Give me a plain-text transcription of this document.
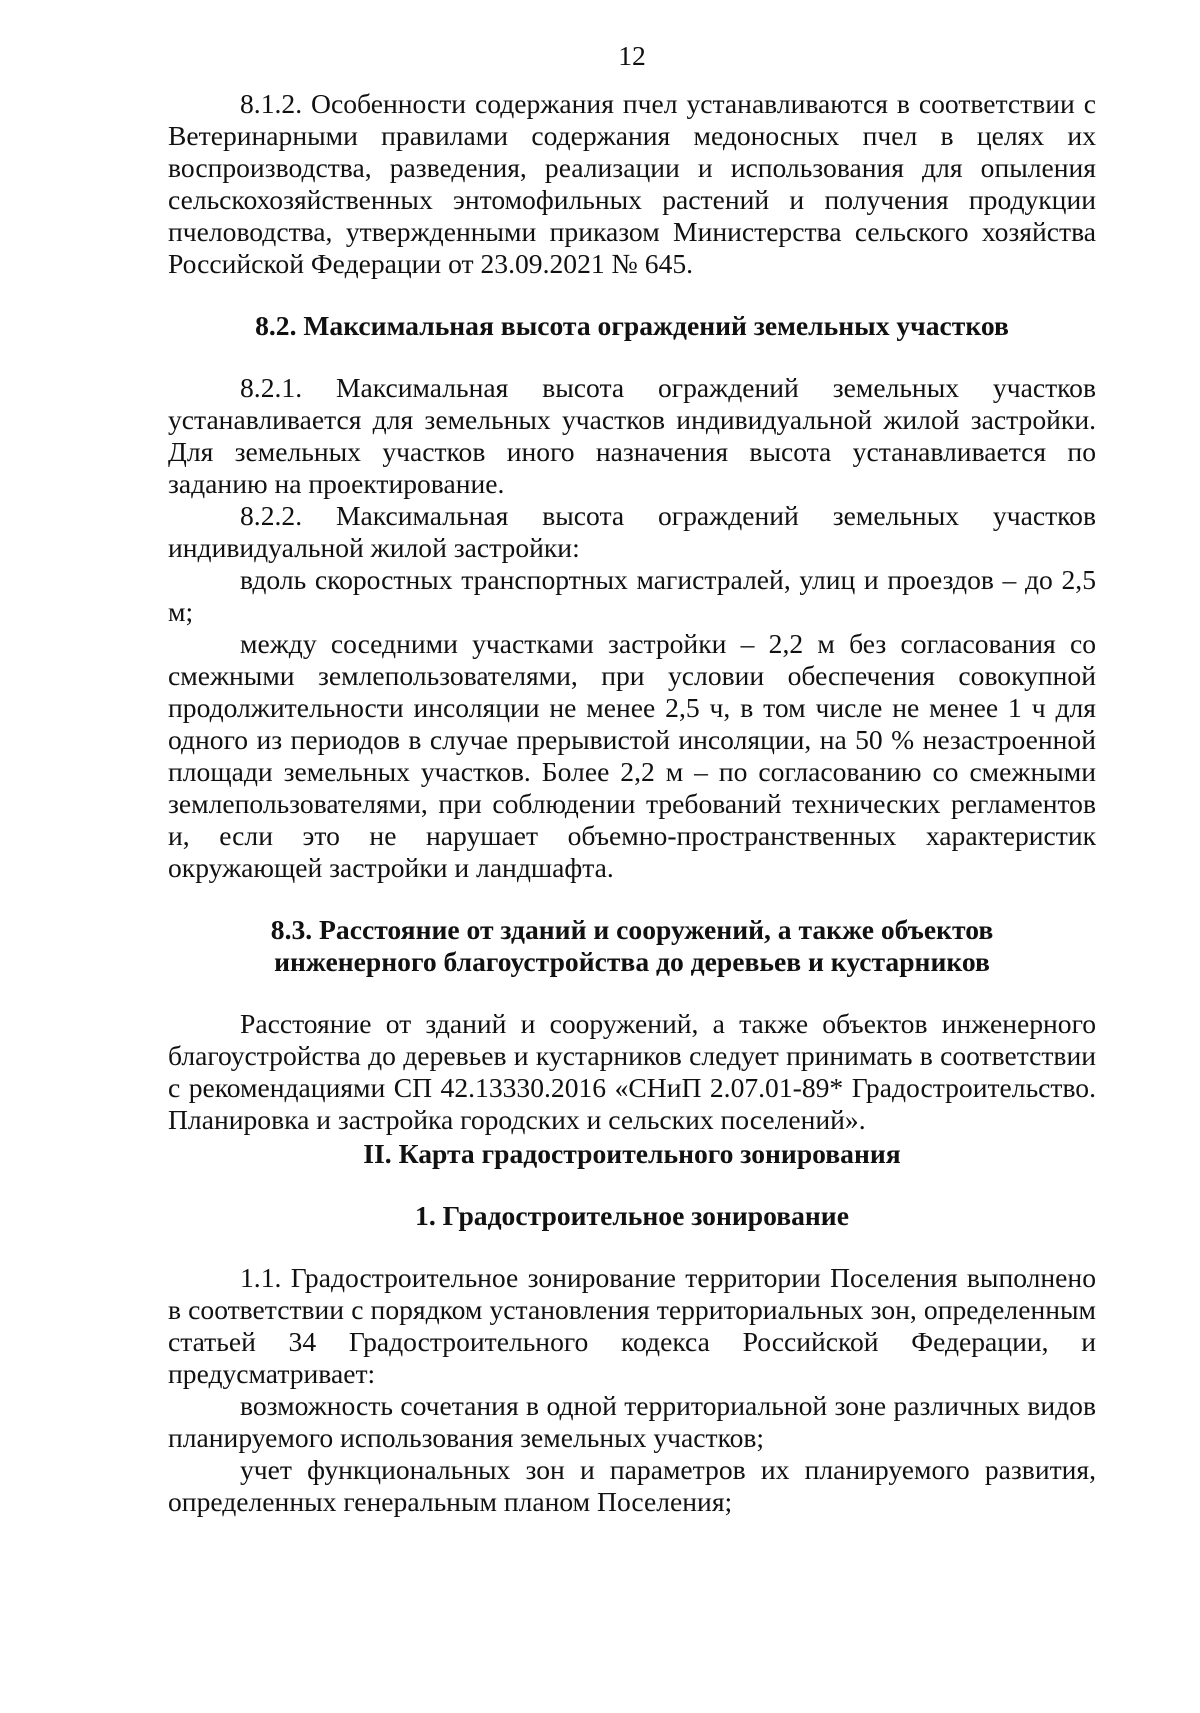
12

8.1.2. Особенности содержания пчел устанавливаются в соответствии с Ветеринарными правилами содержания медоносных пчел в целях их воспроизводства, разведения, реализации и использования для опыления сельскохозяйственных энтомофильных растений и получения продукции пчеловодства, утвержденными приказом Министерства сельского хозяйства Российской Федерации от 23.09.2021 № 645.

8.2. Максимальная высота ограждений земельных участков

8.2.1. Максимальная высота ограждений земельных участков устанавливается для земельных участков индивидуальной жилой застройки. Для земельных участков иного назначения высота устанавливается по заданию на проектирование.

8.2.2. Максимальная высота ограждений земельных участков индивидуальной жилой застройки:

вдоль скоростных транспортных магистралей, улиц и проездов – до 2,5 м;

между соседними участками застройки – 2,2 м без согласования со смежными землепользователями, при условии обеспечения совокупной продолжительности инсоляции не менее 2,5 ч, в том числе не менее 1 ч для одного из периодов в случае прерывистой инсоляции, на 50 % незастроенной площади земельных участков. Более 2,2 м – по согласованию со смежными землепользователями, при соблюдении требований технических регламентов и, если это не нарушает объемно-пространственных характеристик окружающей застройки и ландшафта.

8.3. Расстояние от зданий и сооружений, а также объектов
инженерного благоустройства до деревьев и кустарников

Расстояние от зданий и сооружений, а также объектов инженерного благоустройства до деревьев и кустарников следует принимать в соответствии с рекомендациями СП 42.13330.2016 «СНиП 2.07.01-89* Градостроительство. Планировка и застройка городских и сельских поселений».

II. Карта градостроительного зонирования
1. Градостроительное зонирование

1.1. Градостроительное зонирование территории Поселения выполнено в соответствии с порядком установления территориальных зон, определенным статьей 34 Градостроительного кодекса Российской Федерации, и предусматривает:

возможность сочетания в одной территориальной зоне различных видов планируемого использования земельных участков;

учет функциональных зон и параметров их планируемого развития, определенных генеральным планом Поселения;
